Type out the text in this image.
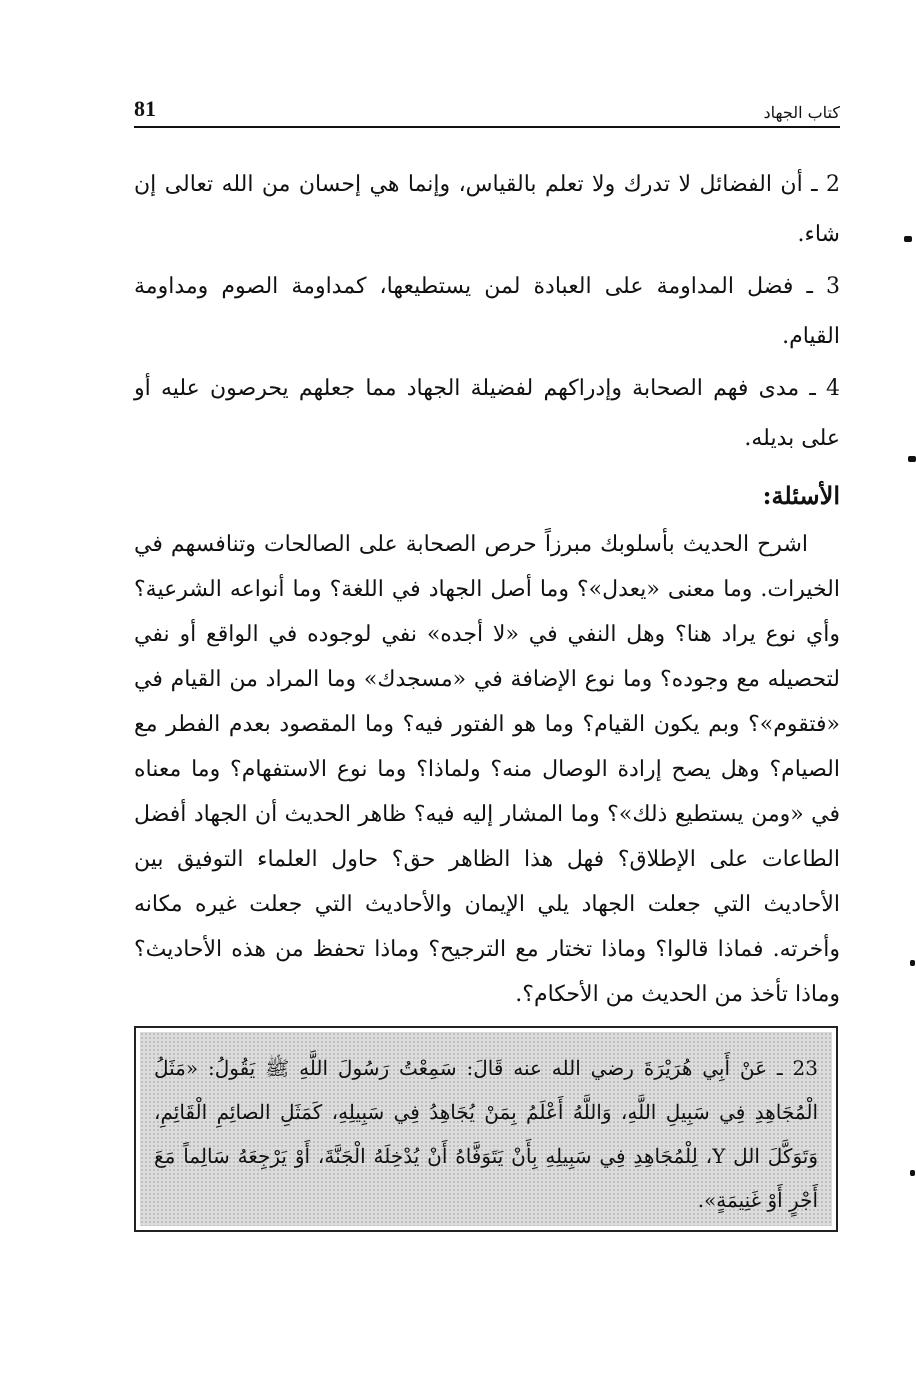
81	كتاب الجهاد

2 ـ أن الفضائل لا تدرك ولا تعلم بالقياس، وإنما هي إحسان من الله تعالى إن شاء.

3 ـ فضل المداومة على العبادة لمن يستطيعها، كمداومة الصوم ومداومة القيام.

4 ـ مدى فهم الصحابة وإدراكهم لفضيلة الجهاد مما جعلهم يحرصون عليه أو على بديله.

الأسئلة:

اشرح الحديث بأسلوبك مبرزاً حرص الصحابة على الصالحات وتنافسهم في الخيرات. وما معنى «يعدل»؟ وما أصل الجهاد في اللغة؟ وما أنواعه الشرعية؟ وأي نوع يراد هنا؟ وهل النفي في «لا أجده» نفي لوجوده في الواقع أو نفي لتحصيله مع وجوده؟ وما نوع الإضافة في «مسجدك» وما المراد من القيام في «فتقوم»؟ وبم يكون القيام؟ وما هو الفتور فيه؟ وما المقصود بعدم الفطر مع الصيام؟ وهل يصح إرادة الوصال منه؟ ولماذا؟ وما نوع الاستفهام؟ وما معناه في «ومن يستطيع ذلك»؟ وما المشار إليه فيه؟ ظاهر الحديث أن الجهاد أفضل الطاعات على الإطلاق؟ فهل هذا الظاهر حق؟ حاول العلماء التوفيق بين الأحاديث التي جعلت الجهاد يلي الإيمان والأحاديث التي جعلت غيره مكانه وأخرته. فماذا قالوا؟ وماذا تختار مع الترجيح؟ وماذا تحفظ من هذه الأحاديث؟ وماذا تأخذ من الحديث من الأحكام؟.

23 ـ عَنْ أَبِي هُرَيْرَةَ رضي الله عنه قَالَ: سَمِعْتُ رَسُولَ اللَّهِ ﷺ يَقُولُ: «مَثَلُ الْمُجَاهِدِ فِي سَبِيلِ اللَّهِ، وَاللَّهُ أَعْلَمُ بِمَنْ يُجَاهِدُ فِي سَبِيلِهِ، كَمَثَلِ الصائِمِ الْقَائِمِ، وَتَوَكَّلَ الل Y، لِلْمُجَاهِدِ فِي سَبِيلِهِ بِأَنْ يَتَوَفَّاهُ أَنْ يُدْخِلَهُ الْجَنَّةَ، أَوْ يَرْجِعَهُ سَالِماً مَعَ أَجْرٍ أَوْ غَنِيمَةٍ».
